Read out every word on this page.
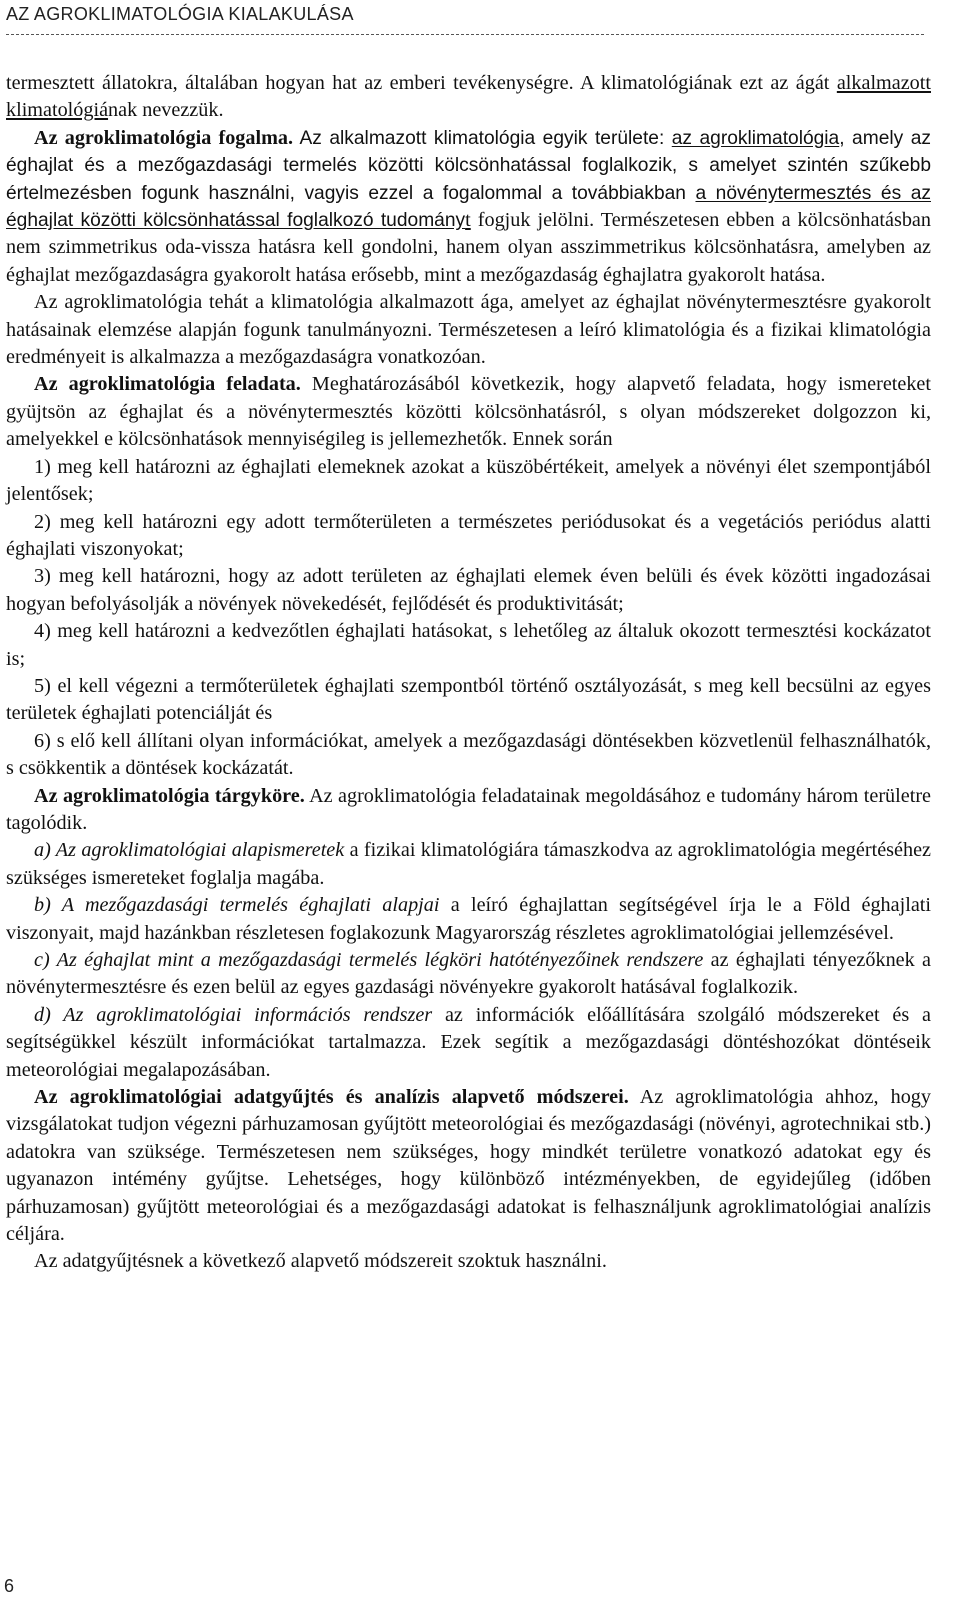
AZ AGROKLIMATOLÓGIA KIALAKULÁSA

termesztett állatokra, általában hogyan hat az emberi tevékenységre. A klimatológiának ezt az ágát alkalmazott klimatológiának nevezzük.

Az agroklimatológia fogalma. Az alkalmazott klimatológia egyik területe: az agroklimatológia, amely az éghajlat és a mezőgazdasági termelés közötti kölcsönhatással foglalkozik, s amelyet szintén szűkebb értelmezésben fogunk használni, vagyis ezzel a fogalommal a továbbiakban a növénytermesztés és az éghajlat közötti kölcsönhatással foglalkozó tudományt fogjuk jelölni. Természetesen ebben a kölcsönhatásban nem szimmetrikus oda-vissza hatásra kell gondolni, hanem olyan asszimmetrikus kölcsönhatásra, amelyben az éghajlat mezőgazdaságra gyakorolt hatása erősebb, mint a mezőgazdaság éghajlatra gyakorolt hatása.

Az agroklimatológia tehát a klimatológia alkalmazott ága, amelyet az éghajlat növénytermesztésre gyakorolt hatásainak elemzése alapján fogunk tanulmányozni. Természetesen a leíró klimatológia és a fizikai klimatológia eredményeit is alkalmazza a mezőgazdaságra vonatkozóan.

Az agroklimatológia feladata. Meghatározásából következik, hogy alapvető feladata, hogy ismereteket gyüjtsön az éghajlat és a növénytermesztés közötti kölcsönhatásról, s olyan módszereket dolgozzon ki, amelyekkel e kölcsönhatások mennyiségileg is jellemezhetők. Ennek során

1) meg kell határozni az éghajlati elemeknek azokat a küszöbértékeit, amelyek a növényi élet szempontjából jelentősek;

2) meg kell határozni egy adott termőterületen a természetes periódusokat és a vegetációs periódus alatti éghajlati viszonyokat;

3) meg kell határozni, hogy az adott területen az éghajlati elemek éven belüli és évek közötti ingadozásai hogyan befolyásolják a növények növekedését, fejlődését és produktivitását;

4) meg kell határozni a kedvezőtlen éghajlati hatásokat, s lehetőleg az általuk okozott termesztési kockázatot is;

5) el kell végezni a termőterületek éghajlati szempontból történő osztályozását, s meg kell becsülni az egyes területek éghajlati potenciálját és

6) s elő kell állítani olyan információkat, amelyek a mezőgazdasági döntésekben közvetlenül felhasználhatók, s csökkentik a döntések kockázatát.

Az agroklimatológia tárgyköre. Az agroklimatológia feladatainak megoldásához e tudomány három területre tagolódik.

a) Az agroklimatológiai alapismeretek a fizikai klimatológiára támaszkodva az agroklimatológia megértéséhez szükséges ismereteket foglalja magába.

b) A mezőgazdasági termelés éghajlati alapjai a leíró éghajlattan segítségével írja le a Föld éghajlati viszonyait, majd hazánkban részletesen foglakozunk Magyarország részletes agroklimatológiai jellemzésével.

c) Az éghajlat mint a mezőgazdasági termelés légköri hatótényezőinek rendszere az éghajlati tényezőknek a növénytermesztésre és ezen belül az egyes gazdasági növényekre gyakorolt hatásával foglalkozik.

d) Az agroklimatológiai információs rendszer az információk előállítására szolgáló módszereket és a segítségükkel készült információkat tartalmazza. Ezek segítik a mezőgazdasági döntéshozókat döntéseik meteorológiai megalapozásában.

Az agroklimatológiai adatgyűjtés és analízis alapvető módszerei. Az agroklimatológia ahhoz, hogy vizsgálatokat tudjon végezni párhuzamosan gyűjtött meteorológiai és mezőgazdasági (növényi, agrotechnikai stb.) adatokra van szüksége. Természetesen nem szükséges, hogy mindkét területre vonatkozó adatokat egy és ugyanazon intémény gyűjtse. Lehetséges, hogy különböző intézményekben, de egyidejűleg (időben párhuzamosan) gyűjtött meteorológiai és a mezőgazdasági adatokat is felhasználjunk agroklimatológiai analízis céljára.

Az adatgyűjtésnek a következő alapvető módszereit szoktuk használni.

6
